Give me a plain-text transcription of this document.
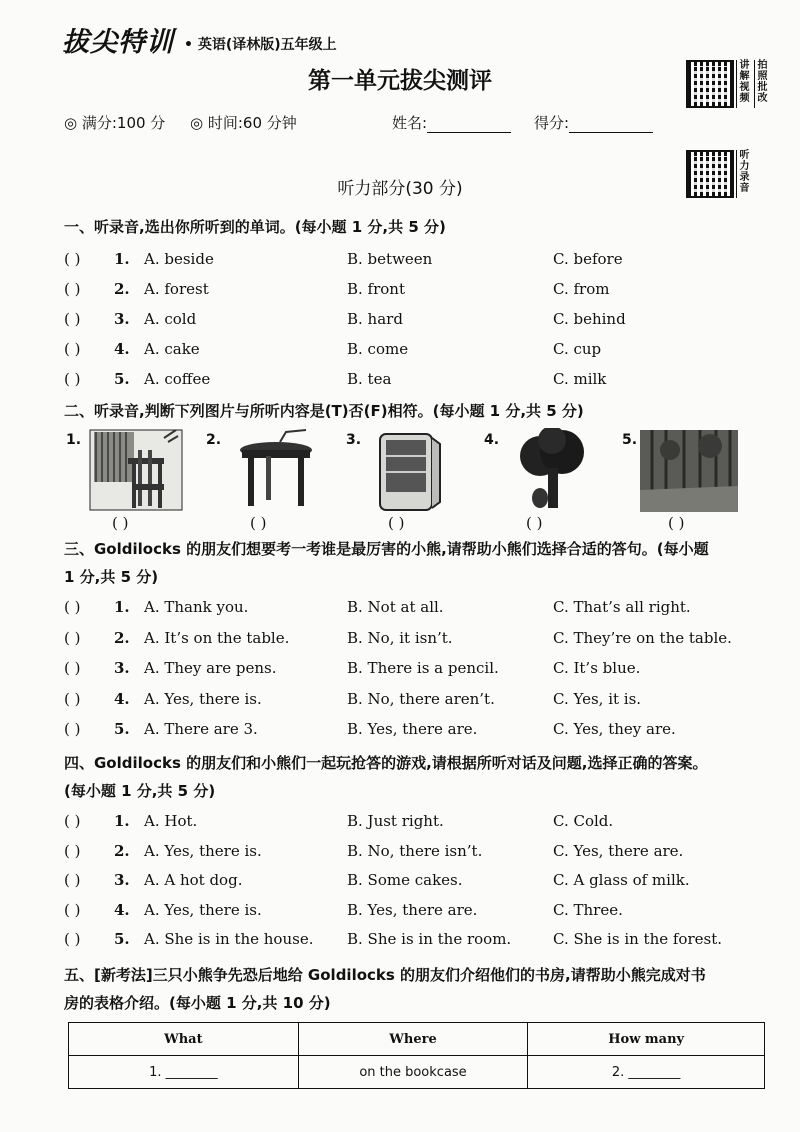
拔尖特训 • 英语(译林版)五年级上
第一单元拔尖测评
◎ 满分:100 分 ◎ 时间:60 分钟	姓名:	得分:
讲解视频
拍照批改
听力录音
听力部分(30 分)
一、听录音,选出你所听到的单词。(每小题 1 分,共 5 分)
( ) 1. A. beside	B. between	C. before
( ) 2. A. forest	B. front	C. from
( ) 3. A. cold	B. hard	C. behind
( ) 4. A. cake	B. come	C. cup
( ) 5. A. coffee	B. tea	C. milk
二、听录音,判断下列图片与所听内容是(T)否(F)相符。(每小题 1 分,共 5 分)
1.
( )
2.
( )
3.
( )
4.
( )
5.
( )
三、Goldilocks 的朋友们想要考一考谁是最厉害的小熊,请帮助小熊们选择合适的答句。(每小题
1 分,共 5 分)
( ) 1. A. Thank you.	B. Not at all.	C. That’s all right.
( ) 2. A. It’s on the table.	B. No, it isn’t.	C. They’re on the table.
( ) 3. A. They are pens.	B. There is a pencil.	C. It’s blue.
( ) 4. A. Yes, there is.	B. No, there aren’t.	C. Yes, it is.
( ) 5. A. There are 3.	B. Yes, there are.	C. Yes, they are.
四、Goldilocks 的朋友们和小熊们一起玩抢答的游戏,请根据所听对话及问题,选择正确的答案。
(每小题 1 分,共 5 分)
( ) 1. A. Hot.	B. Just right.	C. Cold.
( ) 2. A. Yes, there is.	B. No, there isn’t.	C. Yes, there are.
( ) 3. A. A hot dog.	B. Some cakes.	C. A glass of milk.
( ) 4. A. Yes, there is.	B. Yes, there are.	C. Three.
( ) 5. A. She is in the house. B. She is in the room.	C. She is in the forest.
五、[新考法]三只小熊争先恐后地给 Goldilocks 的朋友们介绍他们的书房,请帮助小熊完成对书
房的表格介绍。(每小题 1 分,共 10 分)
What	Where	How many
1. ________	on the bookcase	2. ________
